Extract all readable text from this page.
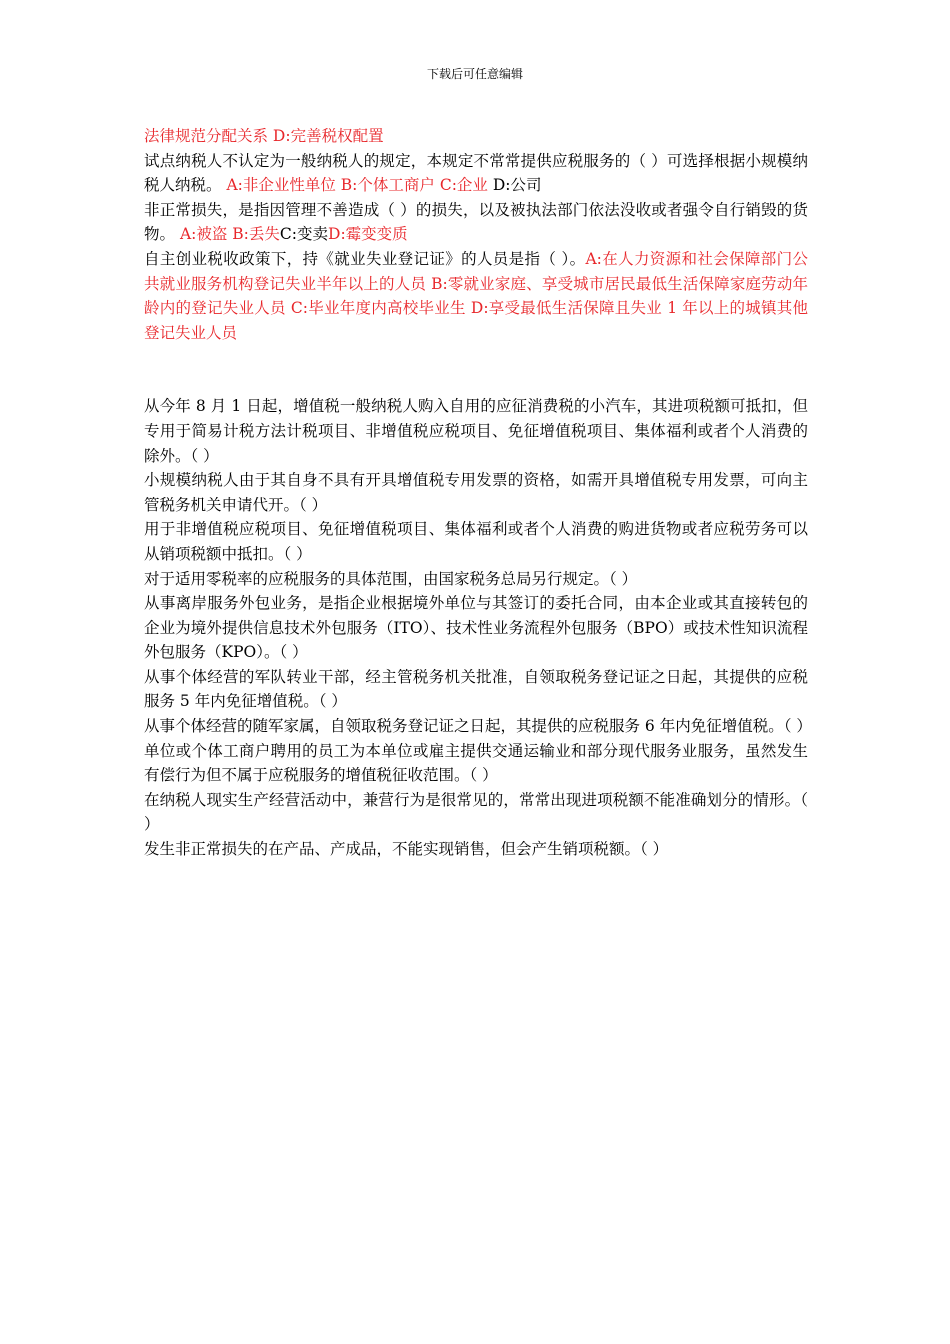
下载后可任意编辑

法律规范分配关系 D:完善税权配置

试点纳税人不认定为一般纳税人的规定，本规定不常常提供应税服务的（ ）可选择根据小规模纳税人纳税。 A:非企业性单位 B:个体工商户 C:企业 D:公司

非正常损失，是指因管理不善造成（ ）的损失，以及被执法部门依法没收或者强令自行销毁的货物。 A:被盗 B:丢失C:变卖D:霉变变质

自主创业税收政策下，持《就业失业登记证》的人员是指（ ）。A:在人力资源和社会保障部门公共就业服务机构登记失业半年以上的人员 B:零就业家庭、享受城市居民最低生活保障家庭劳动年龄内的登记失业人员 C:毕业年度内高校毕业生 D:享受最低生活保障且失业 1 年以上的城镇其他登记失业人员

从今年 8 月 1 日起，增值税一般纳税人购入自用的应征消费税的小汽车，其进项税额可抵扣，但专用于简易计税方法计税项目、非增值税应税项目、免征增值税项目、集体福利或者个人消费的除外。（ ）

小规模纳税人由于其自身不具有开具增值税专用发票的资格，如需开具增值税专用发票，可向主管税务机关申请代开。（ ）

用于非增值税应税项目、免征增值税项目、集体福利或者个人消费的购进货物或者应税劳务可以从销项税额中抵扣。（ ）

对于适用零税率的应税服务的具体范围，由国家税务总局另行规定。（ ）

从事离岸服务外包业务，是指企业根据境外单位与其签订的委托合同，由本企业或其直接转包的企业为境外提供信息技术外包服务（ITO）、技术性业务流程外包服务（BPO）或技术性知识流程外包服务（KPO）。（ ）

从事个体经营的军队转业干部，经主管税务机关批准，自领取税务登记证之日起，其提供的应税服务 5 年内免征增值税。（ ）

从事个体经营的随军家属，自领取税务登记证之日起，其提供的应税服务 6 年内免征增值税。（ ）

单位或个体工商户聘用的员工为本单位或雇主提供交通运输业和部分现代服务业服务，虽然发生有偿行为但不属于应税服务的增值税征收范围。（ ）

在纳税人现实生产经营活动中，兼营行为是很常见的，常常出现进项税额不能准确划分的情形。（ ）

发生非正常损失的在产品、产成品，不能实现销售，但会产生销项税额。（ ）
